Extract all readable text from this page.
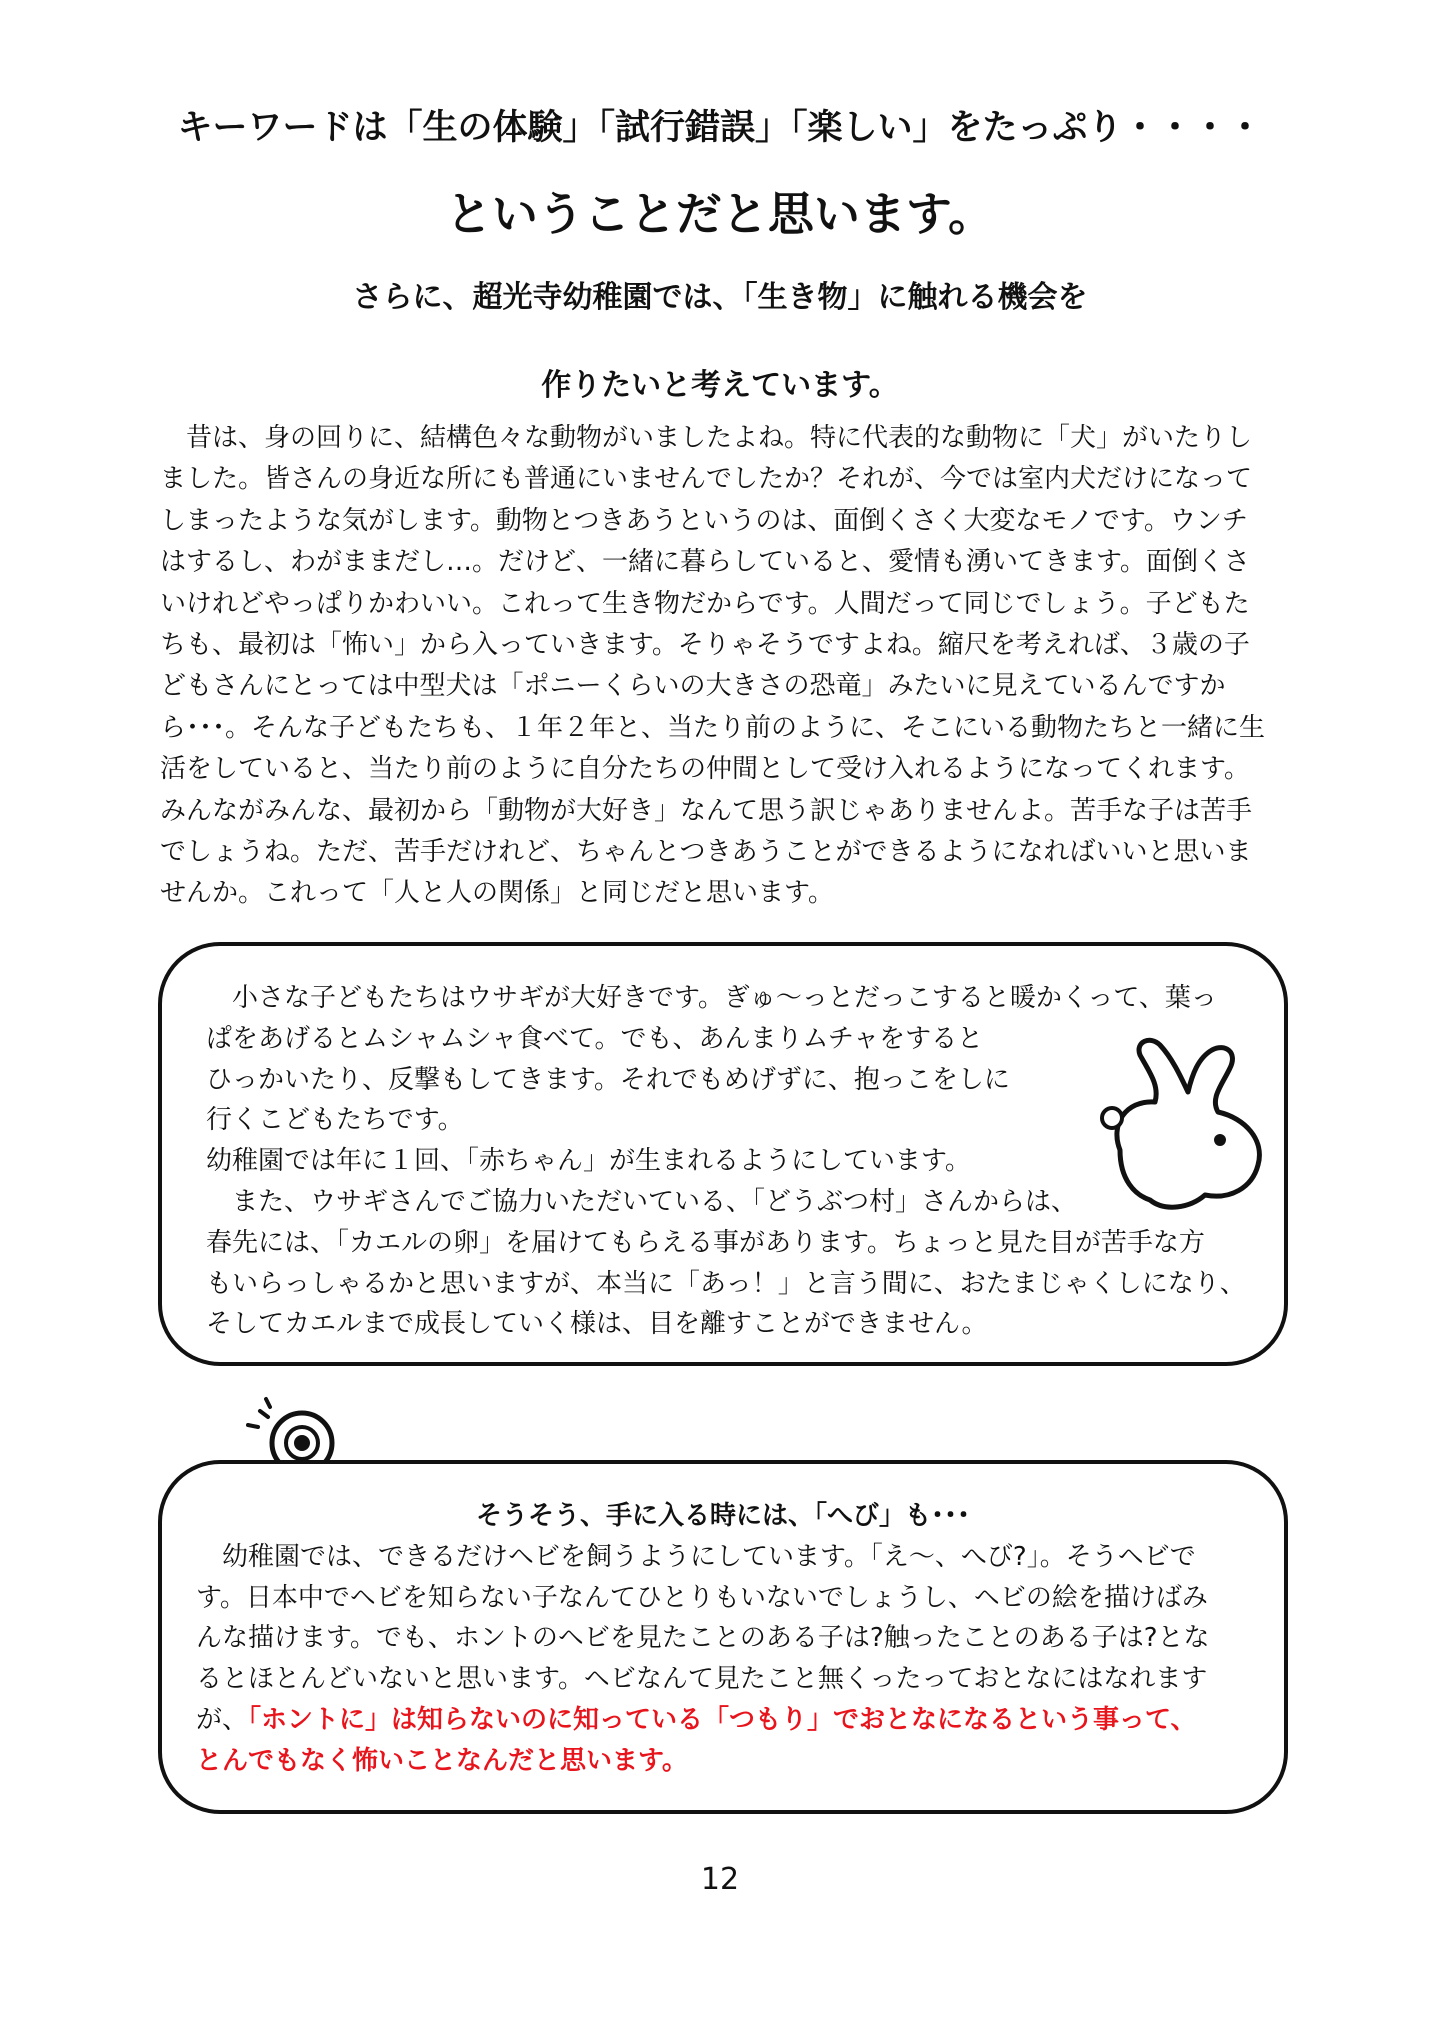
キーワードは「生の体験」「試行錯誤」「楽しい」をたっぷり・・・・
ということだと思います。
さらに、超光寺幼稚園では、「生き物」に触れる機会を
作りたいと考えています。
　昔は、身の回りに、結構色々な動物がいましたよね。特に代表的な動物に「犬」がいたりし
ました。皆さんの身近な所にも普通にいませんでしたか？それが、今では室内犬だけになって
しまったような気がします。動物とつきあうというのは、面倒くさく大変なモノです。ウンチ
はするし、わがままだし…。だけど、一緒に暮らしていると、愛情も湧いてきます。面倒くさ
いけれどやっぱりかわいい。これって生き物だからです。人間だって同じでしょう。子どもた
ちも、最初は「怖い」から入っていきます。そりゃそうですよね。縮尺を考えれば、３歳の子
どもさんにとっては中型犬は「ポニーくらいの大きさの恐竜」みたいに見えているんですか
ら･･･。そんな子どもたちも、１年２年と、当たり前のように、そこにいる動物たちと一緒に生
活をしていると、当たり前のように自分たちの仲間として受け入れるようになってくれます。
みんながみんな、最初から「動物が大好き」なんて思う訳じゃありませんよ。苦手な子は苦手
でしょうね。ただ、苦手だけれど、ちゃんとつきあうことができるようになればいいと思いま
せんか。これって「人と人の関係」と同じだと思います。
　小さな子どもたちはウサギが大好きです。ぎゅ～っとだっこすると暖かくって、葉っ
ぱをあげるとムシャムシャ食べて。でも、あんまりムチャをすると
ひっかいたり、反撃もしてきます。それでもめげずに、抱っこをしに
行くこどもたちです。
幼稚園では年に１回、「赤ちゃん」が生まれるようにしています。
　また、ウサギさんでご協力いただいている、「どうぶつ村」さんからは、
春先には、「カエルの卵」を届けてもらえる事があります。ちょっと見た目が苦手な方
もいらっしゃるかと思いますが、本当に「あっ！」と言う間に、おたまじゃくしになり、
そしてカエルまで成長していく様は、目を離すことができません。
そうそう、手に入る時には、「へび」も･･･
　幼稚園では、できるだけヘビを飼うようにしています。「え～、へび?」。そうヘビで
す。日本中でヘビを知らない子なんてひとりもいないでしょうし、ヘビの絵を描けばみ
んな描けます。でも、ホントのヘビを見たことのある子は?触ったことのある子は?とな
るとほとんどいないと思います。ヘビなんて見たこと無くったっておとなにはなれます
が、「ホントに」は知らないのに知っている「つもり」でおとなになるという事って、
とんでもなく怖いことなんだと思います。
12
